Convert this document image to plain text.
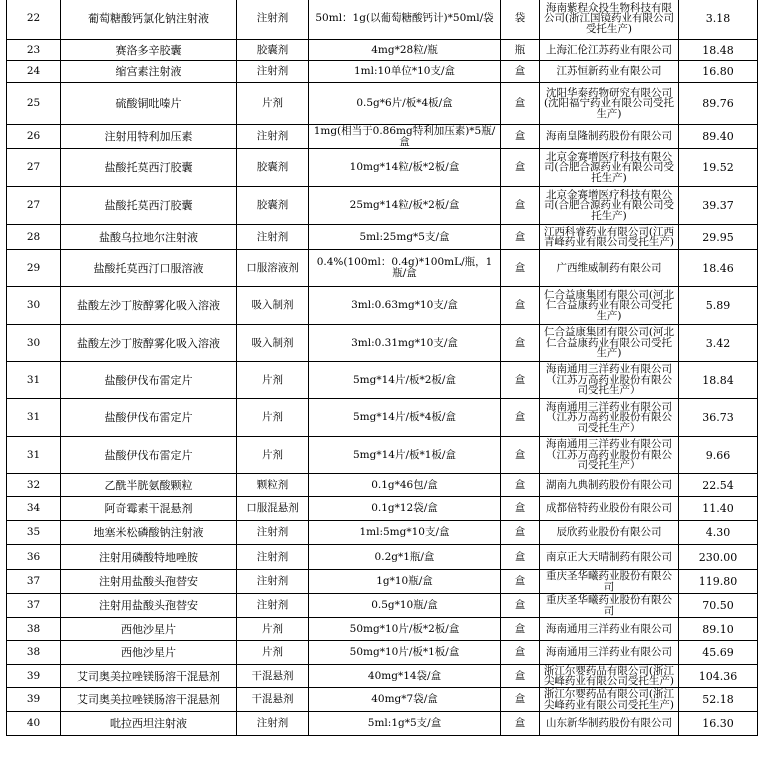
22	葡萄糖酸钙氯化钠注射液	注射剂	50ml：1g(以葡萄糖酸钙计)*50ml/袋	袋	海南紫程众投生物科技有限公司(浙江国镜药业有限公司受托生产)	3.18
23	赛洛多辛胶囊	胶囊剂	4mg*28粒/瓶	瓶	上海汇伦江苏药业有限公司	18.48
24	缩宫素注射液	注射剂	1ml:10单位*10支/盒	盒	江苏恒新药业有限公司	16.80
25	硫酸铜吡嗪片	片剂	0.5g*6片/板*4板/盒	盒	沈阳华泰药物研究有限公司(沈阳福宁药业有限公司受托生产)	89.76
26	注射用特利加压素	注射剂	1mg(相当于0.86mg特利加压素)*5瓶/盒	盒	海南皇隆制药股份有限公司	89.40
27	盐酸托莫西汀胶囊	胶囊剂	10mg*14粒/板*2板/盒	盒	北京金赛增医疗科技有限公司(合肥合源药业有限公司受托生产)	19.52
27	盐酸托莫西汀胶囊	胶囊剂	25mg*14粒/板*2板/盒	盒	北京金赛增医疗科技有限公司(合肥合源药业有限公司受托生产)	39.37
28	盐酸乌拉地尔注射液	注射剂	5ml:25mg*5支/盒	盒	江西科睿药业有限公司(江西青峰药业有限公司受托生产)	29.95
29	盐酸托莫西汀口服溶液	口服溶液剂	0.4%(100ml：0.4g)*100mL/瓶，1瓶/盒	盒	广西维威制药有限公司	18.46
30	盐酸左沙丁胺醇雾化吸入溶液	吸入制剂	3ml:0.63mg*10支/盒	盒	仁合益康集团有限公司(河北仁合益康药业有限公司受托生产)	5.89
30	盐酸左沙丁胺醇雾化吸入溶液	吸入制剂	3ml:0.31mg*10支/盒	盒	仁合益康集团有限公司(河北仁合益康药业有限公司受托生产)	3.42
31	盐酸伊伐布雷定片	片剂	5mg*14片/板*2板/盒	盒	海南通用三洋药业有限公司（江苏万高药业股份有限公司受托生产）	18.84
31	盐酸伊伐布雷定片	片剂	5mg*14片/板*4板/盒	盒	海南通用三洋药业有限公司（江苏万高药业股份有限公司受托生产）	36.73
31	盐酸伊伐布雷定片	片剂	5mg*14片/板*1板/盒	盒	海南通用三洋药业有限公司（江苏万高药业股份有限公司受托生产）	9.66
32	乙酰半胱氨酸颗粒	颗粒剂	0.1g*46包/盒	盒	湖南九典制药股份有限公司	22.54
34	阿奇霉素干混悬剂	口服混悬剂	0.1g*12袋/盒	盒	成都倍特药业股份有限公司	11.40
35	地塞米松磷酸钠注射液	注射剂	1ml:5mg*10支/盒	盒	辰欣药业股份有限公司	4.30
36	注射用磷酸特地唑胺	注射剂	0.2g*1瓶/盒	盒	南京正大天晴制药有限公司	230.00
37	注射用盐酸头孢替安	注射剂	1g*10瓶/盒	盒	重庆圣华曦药业股份有限公司	119.80
37	注射用盐酸头孢替安	注射剂	0.5g*10瓶/盒	盒	重庆圣华曦药业股份有限公司	70.50
38	西他沙星片	片剂	50mg*10片/板*2板/盒	盒	海南通用三洋药业有限公司	89.10
38	西他沙星片	片剂	50mg*10片/板*1板/盒	盒	海南通用三洋药业有限公司	45.69
39	艾司奥美拉唑镁肠溶干混悬剂	干混悬剂	40mg*14袋/盒	盒	浙江尔婴药品有限公司(浙江尖峰药业有限公司受托生产)	104.36
39	艾司奥美拉唑镁肠溶干混悬剂	干混悬剂	40mg*7袋/盒	盒	浙江尔婴药品有限公司(浙江尖峰药业有限公司受托生产)	52.18
40	吡拉西坦注射液	注射剂	5ml:1g*5支/盒	盒	山东新华制药股份有限公司	16.30
